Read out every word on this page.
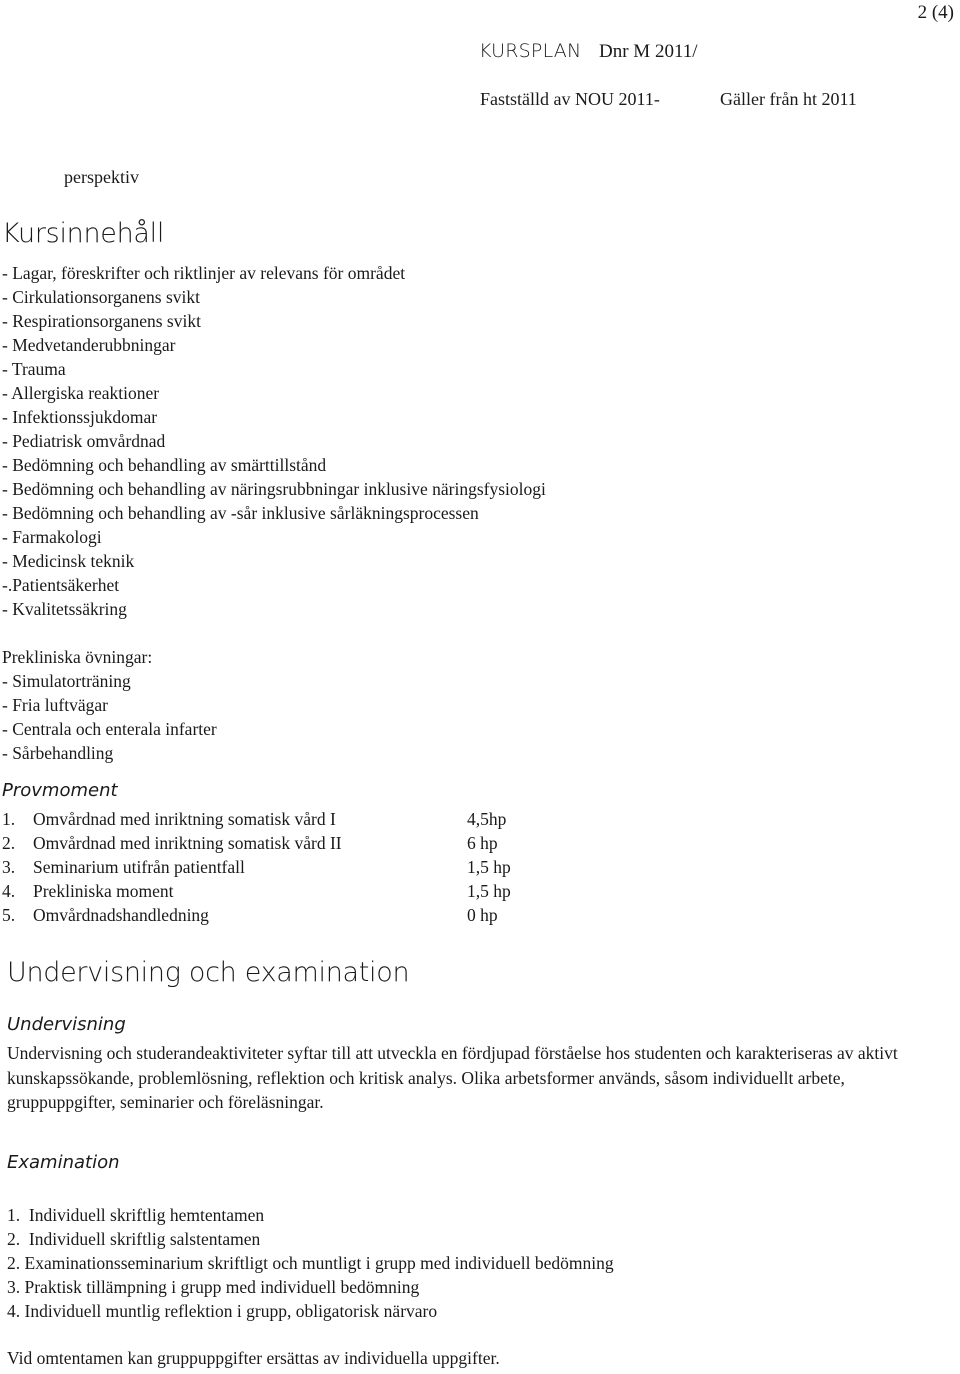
2 (4)
KURSPLAN Dnr M 2011/
Fastställd av NOU 2011-	Gäller från ht 2011
perspektiv
Kursinnehåll
- Lagar, föreskrifter och riktlinjer av relevans för området
- Cirkulationsorganens svikt
- Respirationsorganens svikt
- Medvetanderubbningar
- Trauma
- Allergiska reaktioner
- Infektionssjukdomar
- Pediatrisk omvårdnad
- Bedömning och behandling av smärttillstånd
- Bedömning och behandling av näringsrubbningar inklusive näringsfysiologi
- Bedömning och behandling av -sår inklusive sårläkningsprocessen
- Farmakologi
- Medicinsk teknik
-.Patientsäkerhet
- Kvalitetssäkring
Prekliniska övningar:
- Simulatorträning
- Fria luftvägar
- Centrala och enterala infarter
- Sårbehandling
Provmoment
1. Omvårdnad med inriktning somatisk vård I	4,5hp
2. Omvårdnad med inriktning somatisk vård II	6 hp
3. Seminarium utifrån patientfall	1,5 hp
4. Prekliniska moment	1,5 hp
5. Omvårdnadshandledning	0 hp
Undervisning och examination
Undervisning
Undervisning och studerandeaktiviteter syftar till att utveckla en fördjupad förståelse hos studenten och karakteriseras av aktivt kunskapssökande, problemlösning, reflektion och kritisk analys. Olika arbetsformer används, såsom individuellt arbete, gruppuppgifter, seminarier och föreläsningar.
Examination
1.  Individuell skriftlig hemtentamen
2.  Individuell skriftlig salstentamen
2. Examinationsseminarium skriftligt och muntligt i grupp med individuell bedömning
3. Praktisk tillämpning i grupp med individuell bedömning
4. Individuell muntlig reflektion i grupp, obligatorisk närvaro
Vid omtentamen kan gruppuppgifter ersättas av individuella uppgifter.
